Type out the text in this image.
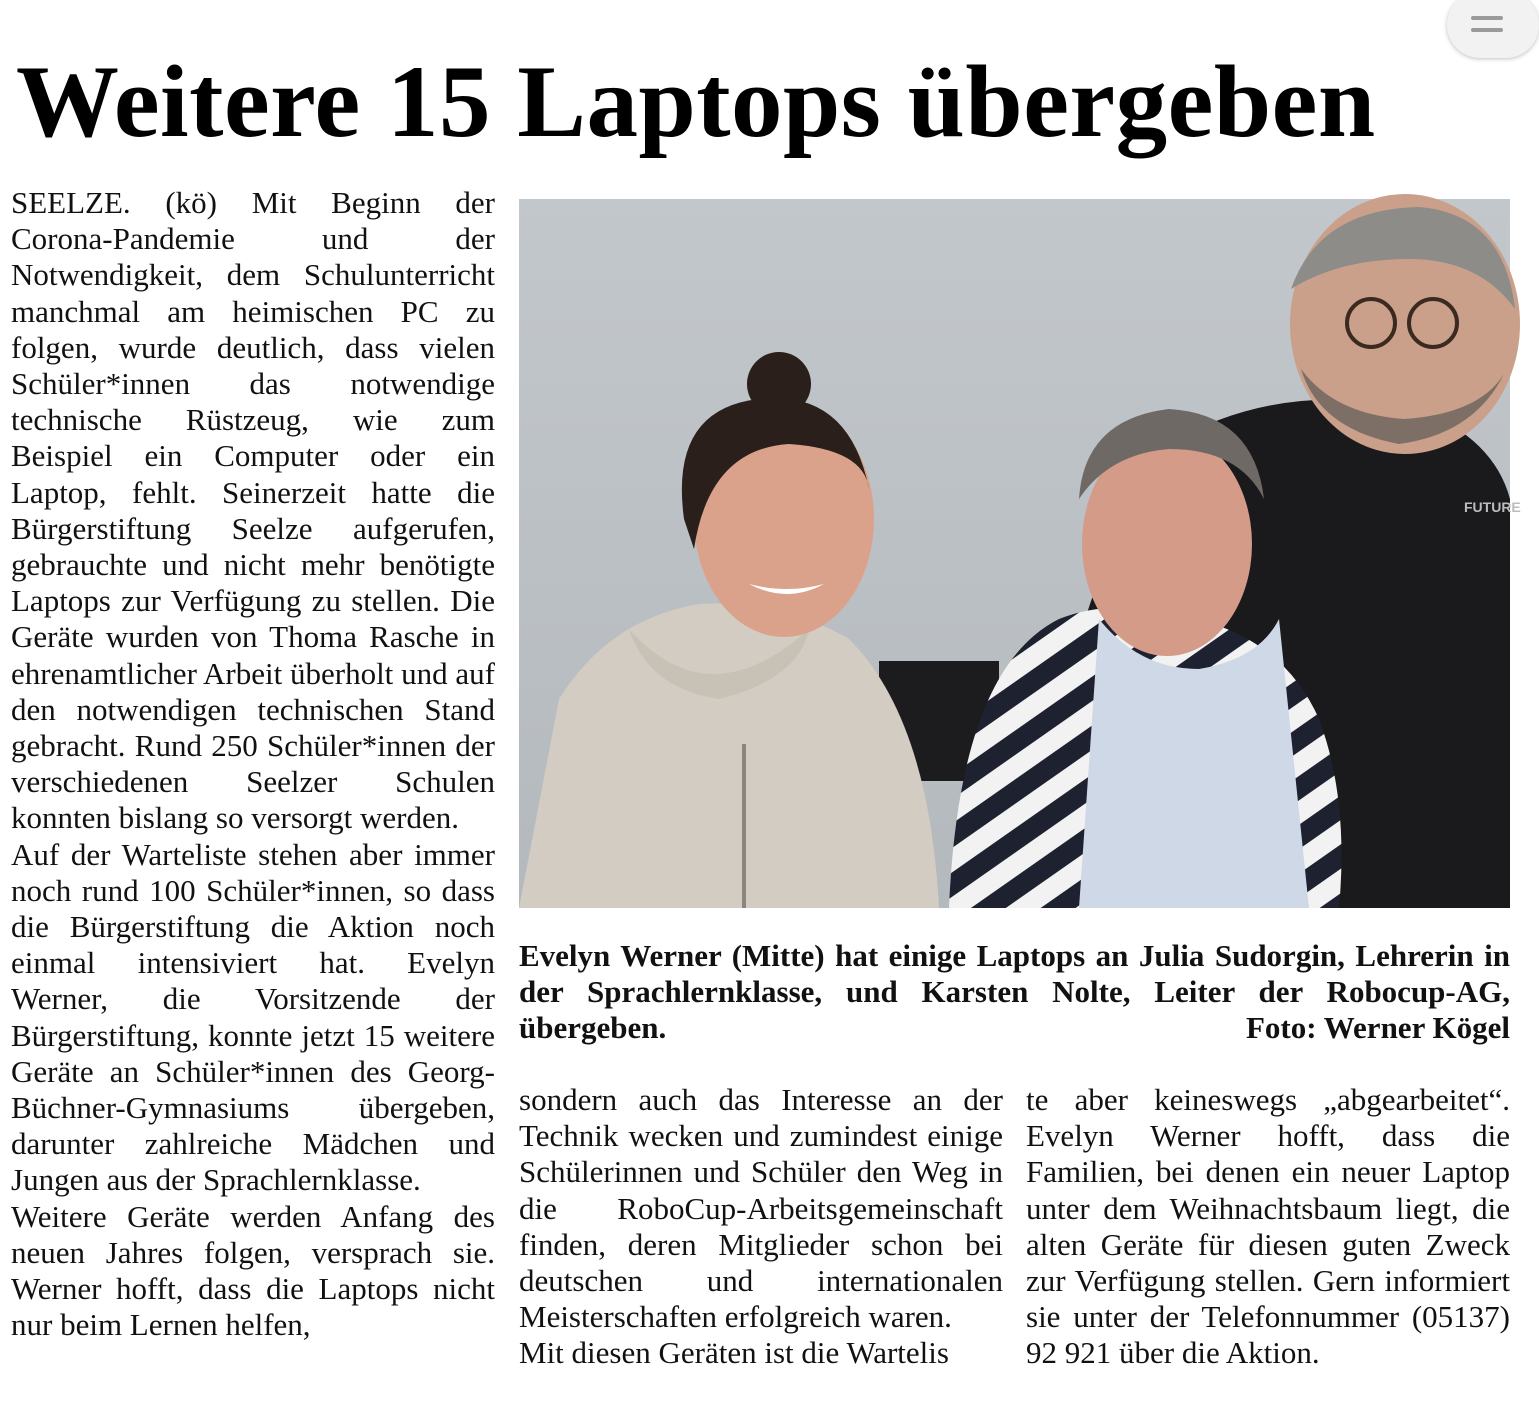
Weitere 15 Laptops übergeben

SEELZE. (kö) Mit Beginn der Corona-Pandemie und der Notwendigkeit, dem Schulunterricht manchmal am heimischen PC zu folgen, wurde deutlich, dass vielen Schüler*innen das notwendige technische Rüstzeug, wie zum Beispiel ein Computer oder ein Laptop, fehlt. Seinerzeit hatte die Bürgerstiftung Seelze aufgerufen, gebrauchte und nicht mehr benötigte Laptops zur Verfügung zu stellen. Die Geräte wurden von Thoma Rasche in ehrenamtlicher Arbeit überholt und auf den notwendigen technischen Stand gebracht. Rund 250 Schüler*innen der verschiedenen Seelzer Schulen konnten bislang so versorgt werden.

Auf der Warteliste stehen aber immer noch rund 100 Schüler*innen, so dass die Bürgerstiftung die Aktion noch einmal intensiviert hat. Evelyn Werner, die Vorsitzende der Bürgerstiftung, konnte jetzt 15 weitere Geräte an Schüler*innen des Georg-Büchner-Gymnasiums übergeben, darunter zahlreiche Mädchen und Jungen aus der Sprachlernklasse.

Weitere Geräte werden Anfang des neuen Jahres folgen, versprach sie. Werner hofft, dass die Laptops nicht nur beim Lernen helfen,

FUTURE
Evelyn Werner (Mitte) hat einige Laptops an Julia Sudorgin, Lehrerin in der Sprachlernklasse, und Karsten Nolte, Leiter der Robocup-AG, übergeben.	Foto: Werner Kögel

sondern auch das Interesse an der Technik wecken und zumindest einige Schülerinnen und Schüler den Weg in die RoboCup-Arbeitsgemeinschaft finden, deren Mitglieder schon bei deutschen und internationalen Meisterschaften erfolgreich waren.

Mit diesen Geräten ist die Wartelis

te aber keineswegs „abgearbeitet“. Evelyn Werner hofft, dass die Familien, bei denen ein neuer Laptop unter dem Weihnachtsbaum liegt, die alten Geräte für diesen guten Zweck zur Verfügung stellen. Gern informiert sie unter der Telefonnummer (05137) 92 921 über die Aktion.
